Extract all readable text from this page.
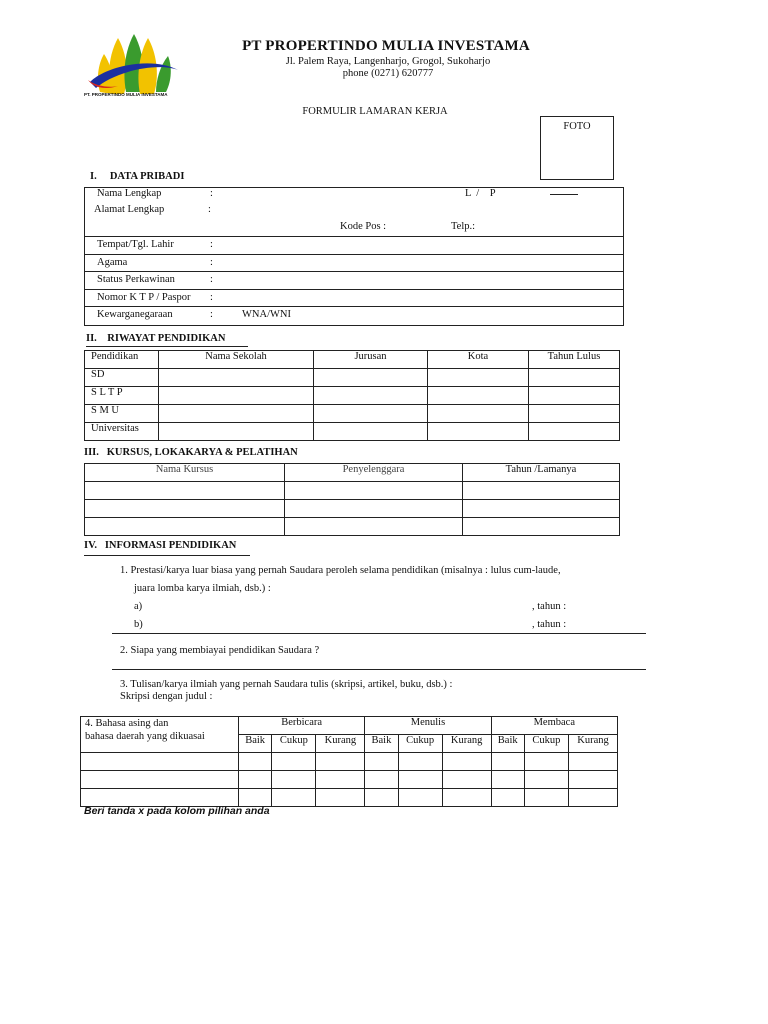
PT. PROPERTINDO MULIA INVESTAMA
PT PROPERTINDO MULIA INVESTAMA
Jl. Palem Raya, Langenharjo, Grogol, Sukoharjo
phone (0271) 620777
FORMULIR LAMARAN KERJA
FOTO
I.     DATA PRIBADI
Nama Lengkap	:	L  /    P
Alamat Lengkap	:
Kode Pos :	Telp.:
Tempat/Tgl. Lahir	:
Agama	:
Status Perkawinan	:
Nomor K T P / Paspor :
Kewarganegaraan	:	WNA/WNI
II.    RIWAYAT PENDIDIKAN
Pendidikan	Nama Sekolah	Jurusan	Kota	Tahun Lulus
SD				
S L T P				
S M U				
Universitas				
III.   KURSUS, LOKAKARYA & PELATIHAN
Nama Kursus	Penyelenggara	Tahun /Lamanya

IV.   INFORMASI PENDIDIKAN
1. Prestasi/karya luar biasa yang pernah Saudara peroleh selama pendidikan (misalnya : lulus cum-laude,
juara lomba karya ilmiah, dsb.) :
a)	, tahun :
b)	, tahun :
2. Siapa yang membiayai pendidikan Saudara ?
3. Tulisan/karya ilmiah yang pernah Saudara tulis (skripsi, artikel, buku, dsb.) :
Skripsi dengan judul :
4. Bahasa asing dan
bahasa daerah yang dikuasai	Berbicara			Menulis			Membaca		
	Baik	Cukup	Kurang	Baik	Cukup	Kurang	Baik	Cukup	Kurang

Beri tanda x pada kolom pilihan anda
